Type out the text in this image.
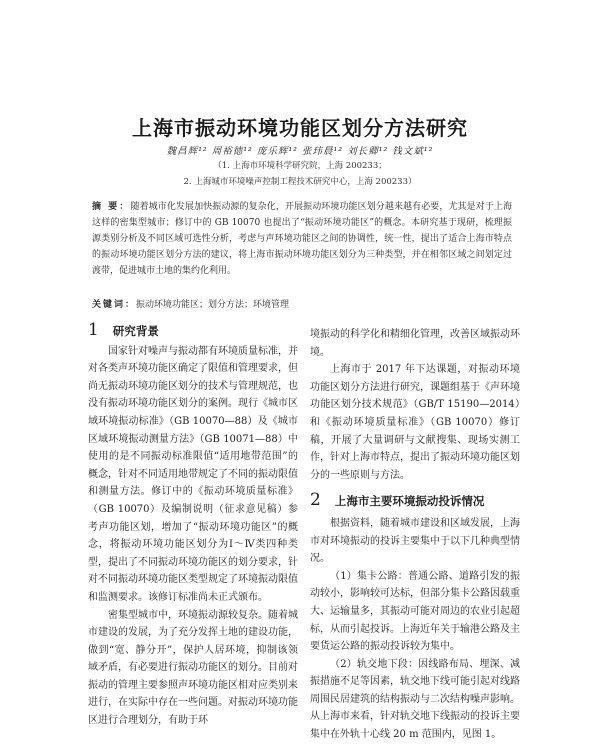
上海市振动环境功能区划分方法研究
魏昌辉¹² 周裕德¹² 庞乐辉¹² 张玮晨¹² 刘长卿¹² 钱文斌¹²
（1. 上海市环境科学研究院，上海 200233；
2. 上海城市环境噪声控制工程技术研究中心，上海 200233）
摘 要：随着城市化发展加快振动源的复杂化，开展振动环境功能区划分越来越有必要，尤其是对于上海这样的密集型城市；修订中的 GB 10070 也提出了“振动环境功能区”的概念。本研究基于现研，梳理振源类别分析及不同区域可选性分析，考虑与声环境功能区之间的协调性，统一性，提出了适合上海市特点的振动环境功能区划分方法的建议，将上海市振动环境功能区划分为三种类型，并在相邻区域之间划定过渡带，促进城市土地的集约化利用。
关键词：振动环境功能区；划分方法；环境管理
1 研究背景

国家针对噪声与振动都有环境质量标准，并对各类声环境功能区确定了限值和管理要求，但尚无振动环境功能区划分的技术与管理规范，也没有振动环境功能区划分的案例。现行《城市区域环境振动标准》（GB 10070—88）及《城市区域环境振动测量方法》（GB 10071—88）中使用的是不同振动标准限值“适用地带范围”的概念，针对不同适用地带规定了不同的振动限值和测量方法。修订中的《振动环境质量标准》（GB 10070）及编制说明（征求意见稿）参考声功能区划，增加了“振动环境功能区”的概念，将振动环境功能区划分为Ⅰ～Ⅳ类四种类型，提出了不同振动环境功能区的划分要求，针对不同振动环境功能区类型规定了环境振动限值和监测要求。该修订标准尚未正式颁布。

密集型城市中，环境振动源较复杂。随着城市建设的发展，为了充分发挥土地的建设功能，做到“宽、静分开”，保护人居环境，抑制该领域矛盾，有必要进行振动功能区的划分。目前对振动的管理主要参照声环境功能区相对应类别来进行，在实际中存在一些问题。对振动环境功能区进行合理划分，有助于环

境振动的科学化和精细化管理，改善区域振动环境。

上海市于 2017 年下达课题，对振动环境功能区划分方法进行研究，课题组基于《声环境功能区划分技术规范》（GB/T 15190—2014）和《振动环境质量标准》（GB 10070）修订稿，开展了大量调研与文献搜集、现场实测工作，针对上海市特点，提出了振动环境功能区划分的一些原则与方法。

2 上海市主要环境振动投诉情况

根据资料，随着城市建设和区域发展，上海市对环境振动的投诉主要集中于以下几种典型情况。

（1）集卡公路：普通公路、道路引发的振动较小，影响较可达标，但部分集卡公路因载重大、运输量多，其振动可能对周边的农业引起超标，从而引起投诉。上海近年关于输港公路及主要货运公路的振动投诉较为集中。

（2）轨交地下段：因线路布局、埋深、减振措施不足等因素，轨交地下线可能引起对线路周围民居建筑的结构振动与二次结构噪声影响。从上海市来看，针对轨交地下线振动的投诉主要集中在外轨十心线 20 m 范围内，见图 1。
